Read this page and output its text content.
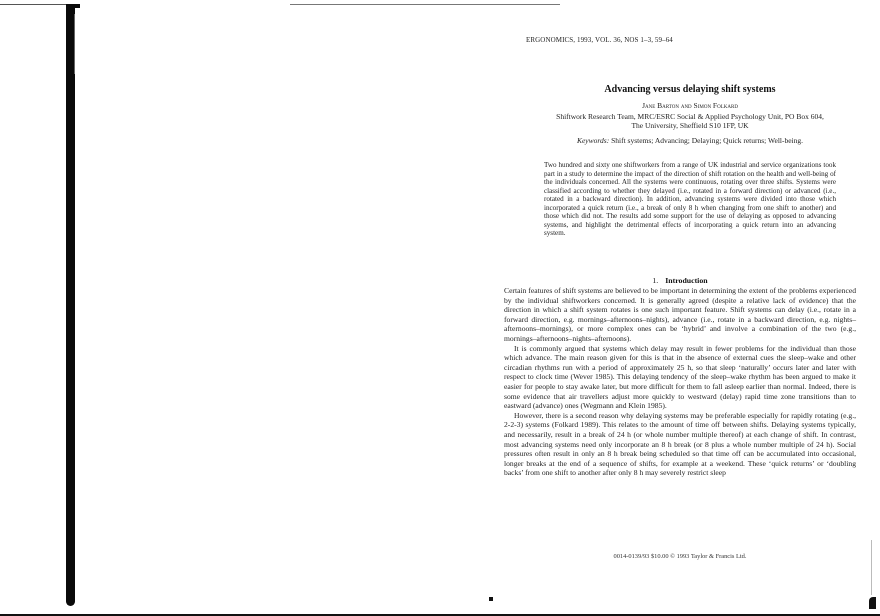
ERGONOMICS, 1993, VOL. 36, NOS 1–3, 59–64
Advancing versus delaying shift systems
Jane Barton and Simon Folkard
Shiftwork Research Team, MRC/ESRC Social & Applied Psychology Unit, PO Box 604,
The University, Sheffield S10 1FP, UK
Keywords: Shift systems; Advancing; Delaying; Quick returns; Well-being.
Two hundred and sixty one shiftworkers from a range of UK industrial and service organizations took part in a study to determine the impact of the direction of shift rotation on the health and well-being of the individuals concerned. All the systems were continuous, rotating over three shifts. Systems were classified according to whether they delayed (i.e., rotated in a forward direction) or advanced (i.e., rotated in a backward direction). In addition, advancing systems were divided into those which incorporated a quick return (i.e., a break of only 8 h when changing from one shift to another) and those which did not. The results add some support for the use of delaying as opposed to advancing systems, and highlight the detrimental effects of incorporating a quick return into an advancing system.
1. Introduction

Certain features of shift systems are believed to be important in determining the extent of the problems experienced by the individual shiftworkers concerned. It is generally agreed (despite a relative lack of evidence) that the direction in which a shift system rotates is one such important feature. Shift systems can delay (i.e., rotate in a forward direction, e.g. mornings–afternoons–nights), advance (i.e., rotate in a backward direction, e.g. nights–afternoons–mornings), or more complex ones can be ‘hybrid’ and involve a combination of the two (e.g., mornings–afternoons–nights–afternoons).

It is commonly argued that systems which delay may result in fewer problems for the individual than those which advance. The main reason given for this is that in the absence of external cues the sleep–wake and other circadian rhythms run with a period of approximately 25 h, so that sleep ‘naturally’ occurs later and later with respect to clock time (Wever 1985). This delaying tendency of the sleep–wake rhythm has been argued to make it easier for people to stay awake later, but more difficult for them to fall asleep earlier than normal. Indeed, there is some evidence that air travellers adjust more quickly to westward (delay) rapid time zone transitions than to eastward (advance) ones (Wegmann and Klein 1985).

However, there is a second reason why delaying systems may be preferable especially for rapidly rotating (e.g., 2-2-3) systems (Folkard 1989). This relates to the amount of time off between shifts. Delaying systems typically, and necessarily, result in a break of 24 h (or whole number multiple thereof) at each change of shift. In contrast, most advancing systems need only incorporate an 8 h break (or 8 plus a whole number multiple of 24 h). Social pressures often result in only an 8 h break being scheduled so that time off can be accumulated into occasional, longer breaks at the end of a sequence of shifts, for example at a weekend. These ‘quick returns’ or ‘doubling backs’ from one shift to another after only 8 h may severely restrict sleep

0014-0139/93 $10.00 © 1993 Taylor & Francis Ltd.
